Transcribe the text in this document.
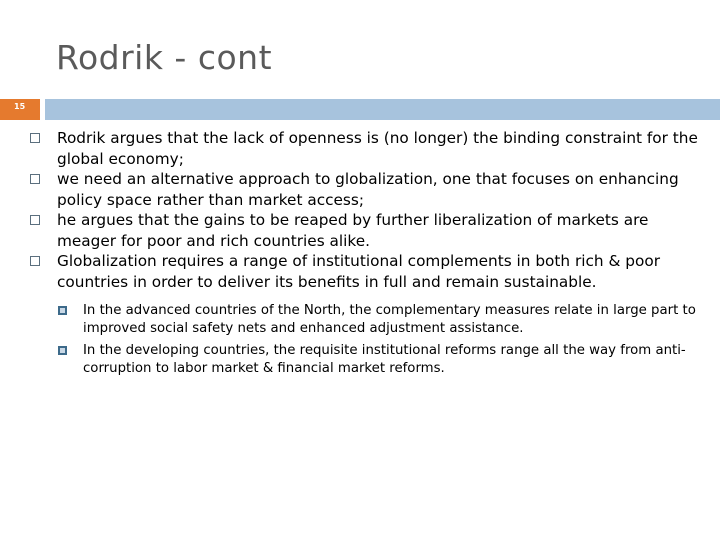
Rodrik - cont
15

Rodrik argues that the lack of openness is (no longer) the binding constraint for the global economy;

we need an alternative approach to globalization, one that focuses on enhancing policy space rather than market access;

he argues that the gains to be reaped by further liberalization of markets are meager for poor and rich countries alike.

Globalization requires a range of institutional complements in both rich & poor countries in order to deliver its benefits in full and remain sustainable.

In the advanced countries of the North, the complementary measures relate in large part to improved social safety nets and enhanced adjustment assistance.

In the developing countries, the requisite institutional reforms range all the way from anti-corruption to labor market & financial market reforms.
